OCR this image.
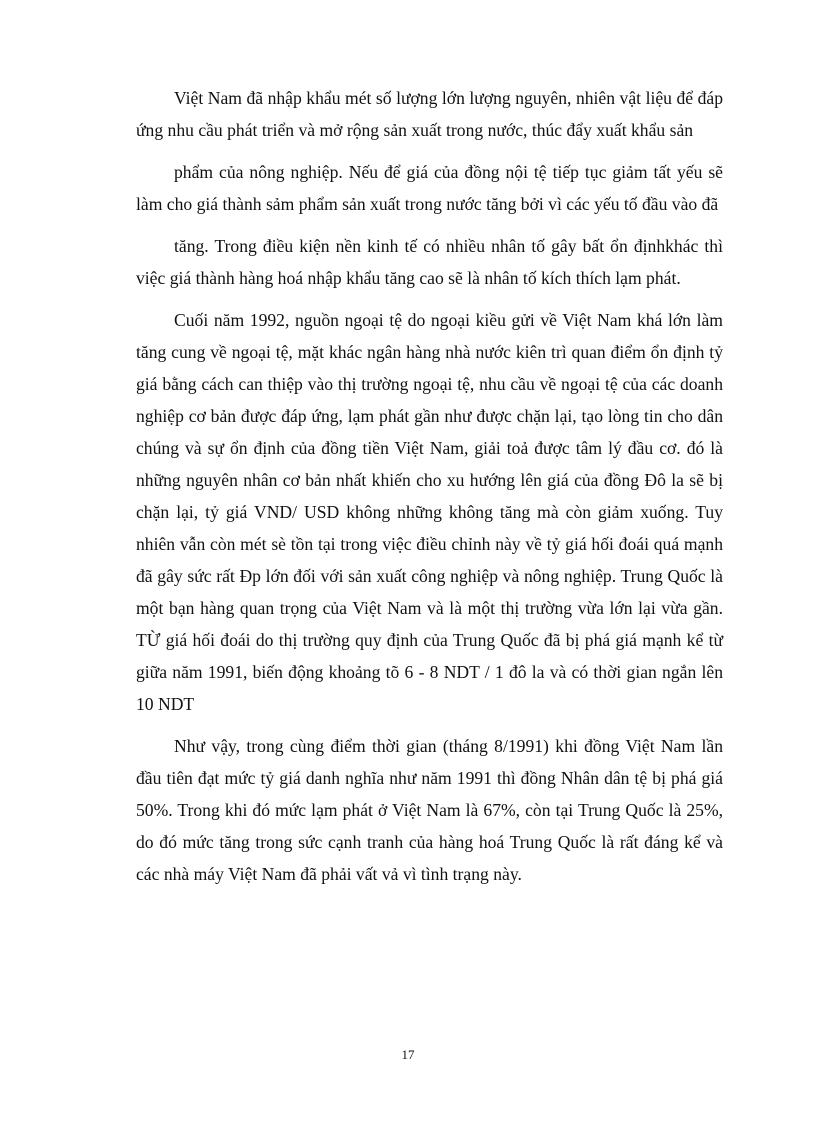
Việt Nam đã nhập khẩu mét số lượng lớn lượng nguyên, nhiên vật liệu để đáp ứng nhu cầu phát triển và mở rộng sản xuất trong nước, thúc đẩy xuất khẩu sản

phẩm của nông nghiệp. Nếu để giá của đồng nội tệ tiếp tục giảm tất yếu sẽ làm cho giá thành sảm phẩm sản xuất trong nước tăng bởi vì các yếu tố đầu vào đã

tăng. Trong điều kiện nền kinh tế có nhiều nhân tố gây bất ổn địnhkhác thì việc giá thành hàng hoá nhập khẩu tăng cao sẽ là nhân tố kích thích lạm phát.

Cuối năm 1992, nguồn ngoại tệ do ngoại kiều gửi về Việt Nam khá lớn làm tăng cung về ngoại tệ, mặt khác ngân hàng nhà nước kiên trì quan điểm ổn định tỷ giá bằng cách can thiệp vào thị trường ngoại tệ, nhu cầu về ngoại tệ của các doanh nghiệp cơ bản được đáp ứng, lạm phát gần như được chặn lại, tạo lòng tin cho dân chúng và sự ổn định của đồng tiền Việt Nam, giải toả được tâm lý đầu cơ. đó là những nguyên nhân cơ bản nhất khiến cho xu hướng lên giá của đồng Đô la sẽ bị chặn lại, tỷ giá VND/ USD không những không tăng mà còn giảm xuống. Tuy nhiên vẫn còn mét sè tồn tại trong việc điều chỉnh này về tỷ giá hối đoái quá mạnh đã gây sức rất Ðp lớn đối với sản xuất công nghiệp và nông nghiệp. Trung Quốc là một bạn hàng quan trọng của Việt Nam và là một thị trường vừa lớn lại vừa gần. TỪ giá hối đoái do thị trường quy định của Trung Quốc đã bị phá giá mạnh kể từ giữa năm 1991, biến động khoảng tõ 6 - 8 NDT / 1 đô la và có thời gian ngắn lên 10 NDT

Như vậy, trong cùng điểm thời gian (tháng 8/1991) khi đồng Việt Nam lần đầu tiên đạt mức tỷ giá danh nghĩa như năm 1991 thì đồng Nhân dân tệ bị phá giá 50%. Trong khi đó mức lạm phát ở Việt Nam là 67%, còn tại Trung Quốc là 25%, do đó mức tăng trong sức cạnh tranh của hàng hoá Trung Quốc là rất đáng kể và các nhà máy Việt Nam đã phải vất vả vì tình trạng này.

17
